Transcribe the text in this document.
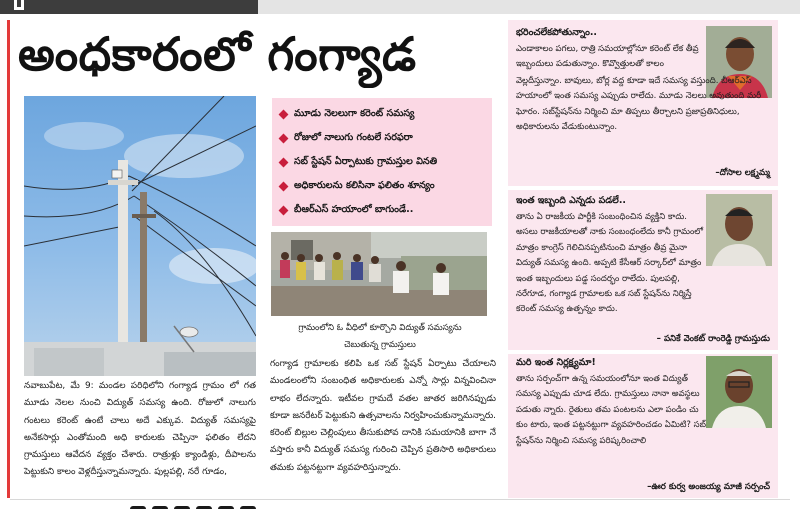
అంధకారంలో గంగ్యాడ
మూడు నెలలుగా కరెంట్ సమస్య
రోజులో నాలుగు గంటలే సరఫరా
సబ్ స్టేషన్ ఏర్పాటుకు గ్రామస్తుల వినతి
అధికారులను కలిసినా ఫలితం శూన్యం
బీఆర్ఎస్ హయాంలో బాగుండే..
గ్రామంలోని ఓ వీధిలో కూర్చొని విద్యుత్ సమస్యను
చెబుతున్న గ్రామస్తులు
నవాబుపేట, మే 9: మండల పరిధిలోని గంగ్యాడ గ్రామం లో గత మూడు నెలల నుంచి విద్యుత్ సమస్య ఉంది. రోజులో నాలుగు గంటలు కరెంట్ ఉంటే చాలు అదే ఎక్కువ. విద్యుత్ సమస్యపై అనేకసార్లు ఎంతోమంది అధి కారులకు చెప్పినా ఫలితం లేదని గ్రామస్తులు ఆవేదన వ్యక్తం చేశారు. రాత్రుళ్లు క్యాండిళ్లు, దీపాలను పెట్టుకుని కాలం వెళ్లదీస్తున్నామన్నారు. పుల్లపల్లి, నరే గూడం,
గంగ్యాడ గ్రామాలకు కలిపి ఒక సబ్ స్టేషన్ ఏర్పాటు చేయాలని మండలంలోని సంబంధిత అధికారులకు ఎన్నో సార్లు విన్నవించినా లాభం లేదన్నారు. ఇటీవల గ్రామదే వతల జాతర జరిగినప్పుడు కూడా జనరేటర్ పెట్టుకుని ఉత్సవాలను నిర్వహించుకున్నామన్నారు. కరెంట్ బిల్లుల చెల్లింపులు తీసుకుపోవ దానికి సమయానికి బాగా నే వస్తారు కానీ విద్యుత్ సమస్య గురించి చెప్పిన ప్రతిసారి అధికారులు తమకు పట్టనట్టుగా వ్యవహరిస్తున్నారు.
భరించలేకపోతున్నాం..
ఎండాకాలం పగలు, రాత్రి సమయాల్లోనూ కరెంట్ లేక తీవ్ర ఇబ్బందులు పడుతున్నాం. కొవ్వొత్తులతో కాలం
వెల్లదీస్తున్నాం. బావులు, బోర్ల వద్ద కూడా ఇదే సమస్య వస్తుంది. బీఆర్ఎస్ హయాంలో ఇంత సమస్య ఎప్పుడు రాలేదు. మూడు నెలలు అవుతుంది మరీ ఘోరం. సబ్‌స్టేషన్‌ను నిర్మించి మా తిప్పలు తీర్చాలని ప్రజాప్రతినిధులు, అధికారులను వేడుకుంటున్నాం.
–దోసాల లక్ష్మమ్మ
ఇంత ఇబ్బంది ఎన్నడు పడలే..
తాను ఏ రాజకీయ పార్టీకి సంబంధించిన వ్యక్తిని కాదు. అసలు రాజకీయాలతో నాకు సంబంధంలేదు కానీ గ్రామంలో మాత్రం కాంగ్రెస్ గెలిచినప్పటినుంచి మాత్రం తీవ్ర మైనా విద్యుత్ సమస్య ఉంది. అప్పటి కేసీఆర్ సర్కార్‌లో మాత్రం ఇంత ఇబ్బందులు పడ్డ సందర్భం రాలేదు. పులపల్లి, నరేగూడ, గంగ్యాడ గ్రామాలకు ఒక సబ్ స్టేషన్‌ను నిర్మిస్తే కరెంట్ సమస్య ఉత్పన్నం కాదు.
– పనికే వెంకట్ రాంరెడ్డి గ్రామస్తుడు
మరి ఇంత నిర్లక్ష్యమా!
తాను సర్పంచ్‌గా ఉన్న సమయంలోనూ ఇంత విద్యుత్ సమస్య ఎప్పుడు చూడ లేదు. గ్రామస్తులు నానా అవస్థలు పడుతు న్నారు. రైతులు తమ పంటలను ఎలా పండిం చు కుం టారు, ఇంత పట్టనట్టుగా వ్యవహరించడం ఏమిటి? సబ్ స్టేషన్‌ను నిర్మించి సమస్య పరిష్కరించాలి
–ఊర కుర్వ అంజయ్య మాజీ సర్పంచ్
